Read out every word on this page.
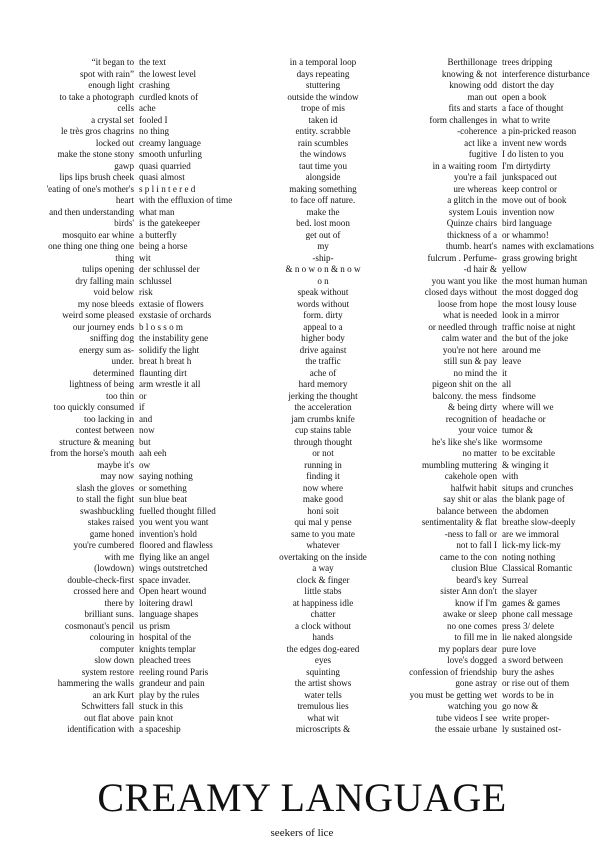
“it began to
spot with rain”
enough light
to take a photograph
cells
a crystal set
le très gros chagrins
locked out
make the stone stony
gawp
lips lips brush cheek
'eating of one's mother's
heart
and then understanding
birds'
mosquito ear whine
one thing one thing one
thing
tulips opening
dry falling main
void below
my nose bleeds
weird some pleased
our journey ends
sniffing dog
energy sum as-
under.
determined
lightness of being
too thin
too quickly consumed
too lacking in
contest between
structure & meaning
from the horse's mouth
maybe it's
may now
slash the gloves
to stall the fight
swashbuckling
stakes raised
game honed
you're cumbered
with me
(lowdown)
double-check-first
crossed here and
there by
brilliant suns.
cosmonaut's pencil
colouring in
computer
slow down
system restore
hammering the walls
an ark Kurt
Schwitters fall
out flat above
identification with
the text
the lowest level
crashing
curdled knots of
ache
fooled I
no thing
creamy language
smooth unfurling
quasi quarried
quasi almost
s p l i n t e r e d
with the effluxion of time
what man
is the gatekeeper
a butterfly
being a horse
wit
der schlussel der
schlussel
risk
extasie of flowers
exstasie of orchards
b l o s s o m
the instability gene
solidify the light
breat h breat h
flaunting dirt
arm wrestle it all
or
if
and
now
but
aah eeh
ow
saying nothing
or something
sun blue beat
fuelled thought filled
you went you want
invention's hold
floored and flawless
flying like an angel
wings outstretched
space invader.
Open heart wound
loitering drawl
language shapes
us prism
hospital of the
knights templar
pleached trees
reeling round Paris
grandeur and pain
play by the rules
stuck in this
pain knot
a spaceship
in a temporal loop
days repeating
stuttering
outside the window
trope of mis
taken id
entity. scrabble
rain scumbles
the windows
taut time you
alongside
making something
to face off nature.
make the
bed. lost moon
get out of
my
-ship-
& n o w o n & n o w
o n
speak without
words without
form. dirty
appeal to a
higher body
drive against
the traffic
ache of
hard memory
jerking the thought
the acceleration
jam crumbs knife
cup stains table
through thought
or not
running in
finding it
now where
make good
honi soit
qui mal y pense
same to you mate
whatever
overtaking on the inside
a way
clock & finger
little stabs
at happiness idle
chatter
a clock without
hands
the edges dog-eared
eyes
squinting
the artist shows
water tells
tremulous lies
what wit
microscripts &
Berthillonage
knowing & not
knowing odd
man out
fits and starts
form challenges in
-coherence
act like a
fugitive
in a waiting room
you're a fail
ure whereas
a glitch in the
system Louis
Quinze chairs
thickness of a
thumb. heart's
fulcrum . Perfume-
-d hair &
you want you like
closed days without
loose from hope
what is needed
or needled through
calm water and
you're not here
still sun & pay
no mind the
pigeon shit on the
balcony. the mess
& being dirty
recognition of
your voice
he's like she's like
no matter
mumbling muttering
cakehole open
halfwit habit
say shit or alas
balance between
sentimentality & flat
-ness to fall or
not to fall I
came to the con
clusion Blue
beard's key
sister Ann don't
know if I'm
awake or sleep
no one comes
to fill me in
my poplars dear
love's dogged
confession of friendship
gone astray
you must be getting wet
watching you
tube videos I see
the essaie urbane
trees dripping
interference disturbance
distort the day
open a book
a face of thought
what to write
a pin-pricked reason
invent new words
I do listen to you
I'm dirtydirty
junkspaced out
keep control or
move out of book
invention now
bird language
or whammo!
names with exclamations
grass growing bright
yellow
the most human human
the most dogged dog
the most lousy louse
look in a mirror
traffic noise at night
the but of the joke
around me
leave
it
all
findsome
where will we
headache or
tumor &
wormsome
to be excitable
& winging it
with
situps and crunches
the blank page of
the abdomen
breathe slow-deeply
are we immoral
lick-my lick-my
noting nothing
Classical Romantic
Surreal
the slayer
games & games
phone call message
press 3/ delete
lie naked alongside
pure love
a sword between
bury the ashes
or rise out of them
words to be in
go now &
write proper-
ly sustained ost-
CREAMY LANGUAGE
seekers of lice
